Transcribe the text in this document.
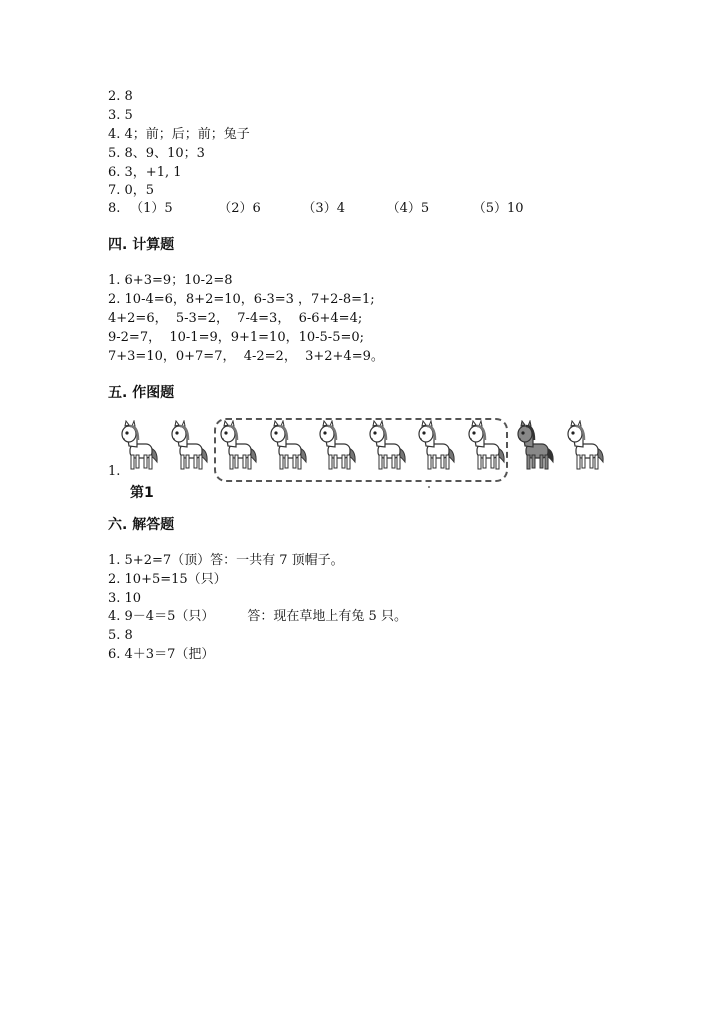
2. 8
3. 5
4. 4；前；后；前；兔子
5. 8、9、10；3
6. 3，+1, 1
7. 0，5
8. （1）5	（2）6	（3）4	（4）5	（5）10
四. 计算题
1. 6+3=9；10-2=8
2. 10-4=6，8+2=10，6-3=3 ，7+2-8=1;
4+2=6，  5-3=2，  7-4=3，  6-6+4=4;
9-2=7，  10-1=9，9+1=10，10-5-5=0;
7+3=10，0+7=7，  4-2=2，  3+2+4=9。
五. 作图题
1.
第1
六. 解答题
1. 5+2=7（顶）答：一共有 7 顶帽子。
2. 10+5=15（只）
3. 10
4. 9－4＝5（只）        答：现在草地上有兔 5 只。
5. 8
6. 4＋3＝7（把）
